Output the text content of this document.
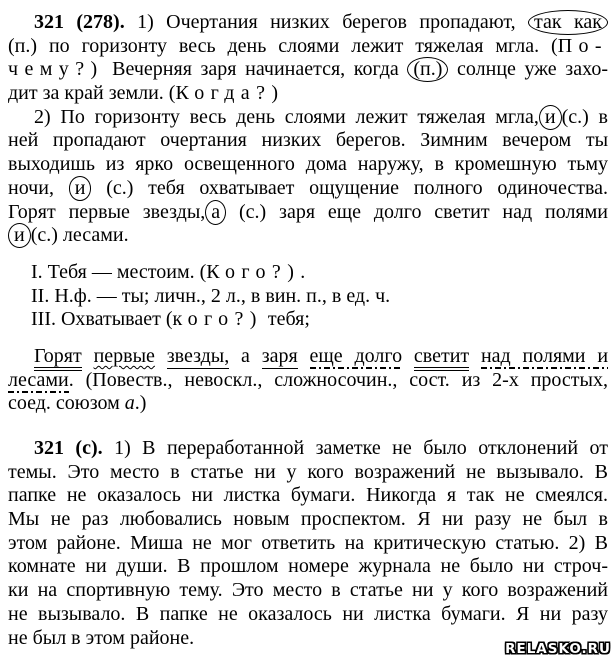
321 (278). 1) Очертания низких берегов пропадают, так как
(п.) по горизонту весь день слоями лежит тяжелая мгла. (По-
чему?) Вечерняя заря начинается, когда (п.) солнце уже захо-
дит за край земли. (Когда?)
2) По горизонту весь день слоями лежит тяжелая мгла, и (с.) в
ней пропадают очертания низких берегов. Зимним вечером ты
выходишь из ярко освещенного дома наружу, в кромешную тьму
ночи, и (с.) тебя охватывает ощущение полного одиночества.
Горят первые звезды, а (с.) заря еще долго светит над полями
и (с.) лесами.
I. Тебя — местоим. (Кого?).
II. Н.ф. — ты; личн., 2 л., в вин. п., в ед. ч.
III. Охватывает (кого?) тебя;
Горят первые звезды, а заря еще долго светит над полями и
лесами. (Повеств., невоскл., сложносочин., сост. из 2-х простых,
соед. союзом а.)
321 (с). 1) В переработанной заметке не было отклонений от
темы. Это место в статье ни у кого возражений не вызывало. В
папке не оказалось ни листка бумаги. Никогда я так не смеялся.
Мы не раз любовались новым проспектом. Я ни разу не был в
этом районе. Миша не мог ответить на критическую статью. 2) В
комнате ни души. В прошлом номере журнала не было ни строч-
ки на спортивную тему. Это место в статье ни у кого возражений
не вызывало. В папке не оказалось ни листка бумаги. Я ни разу
не был в этом районе.
RELASKO.RU
